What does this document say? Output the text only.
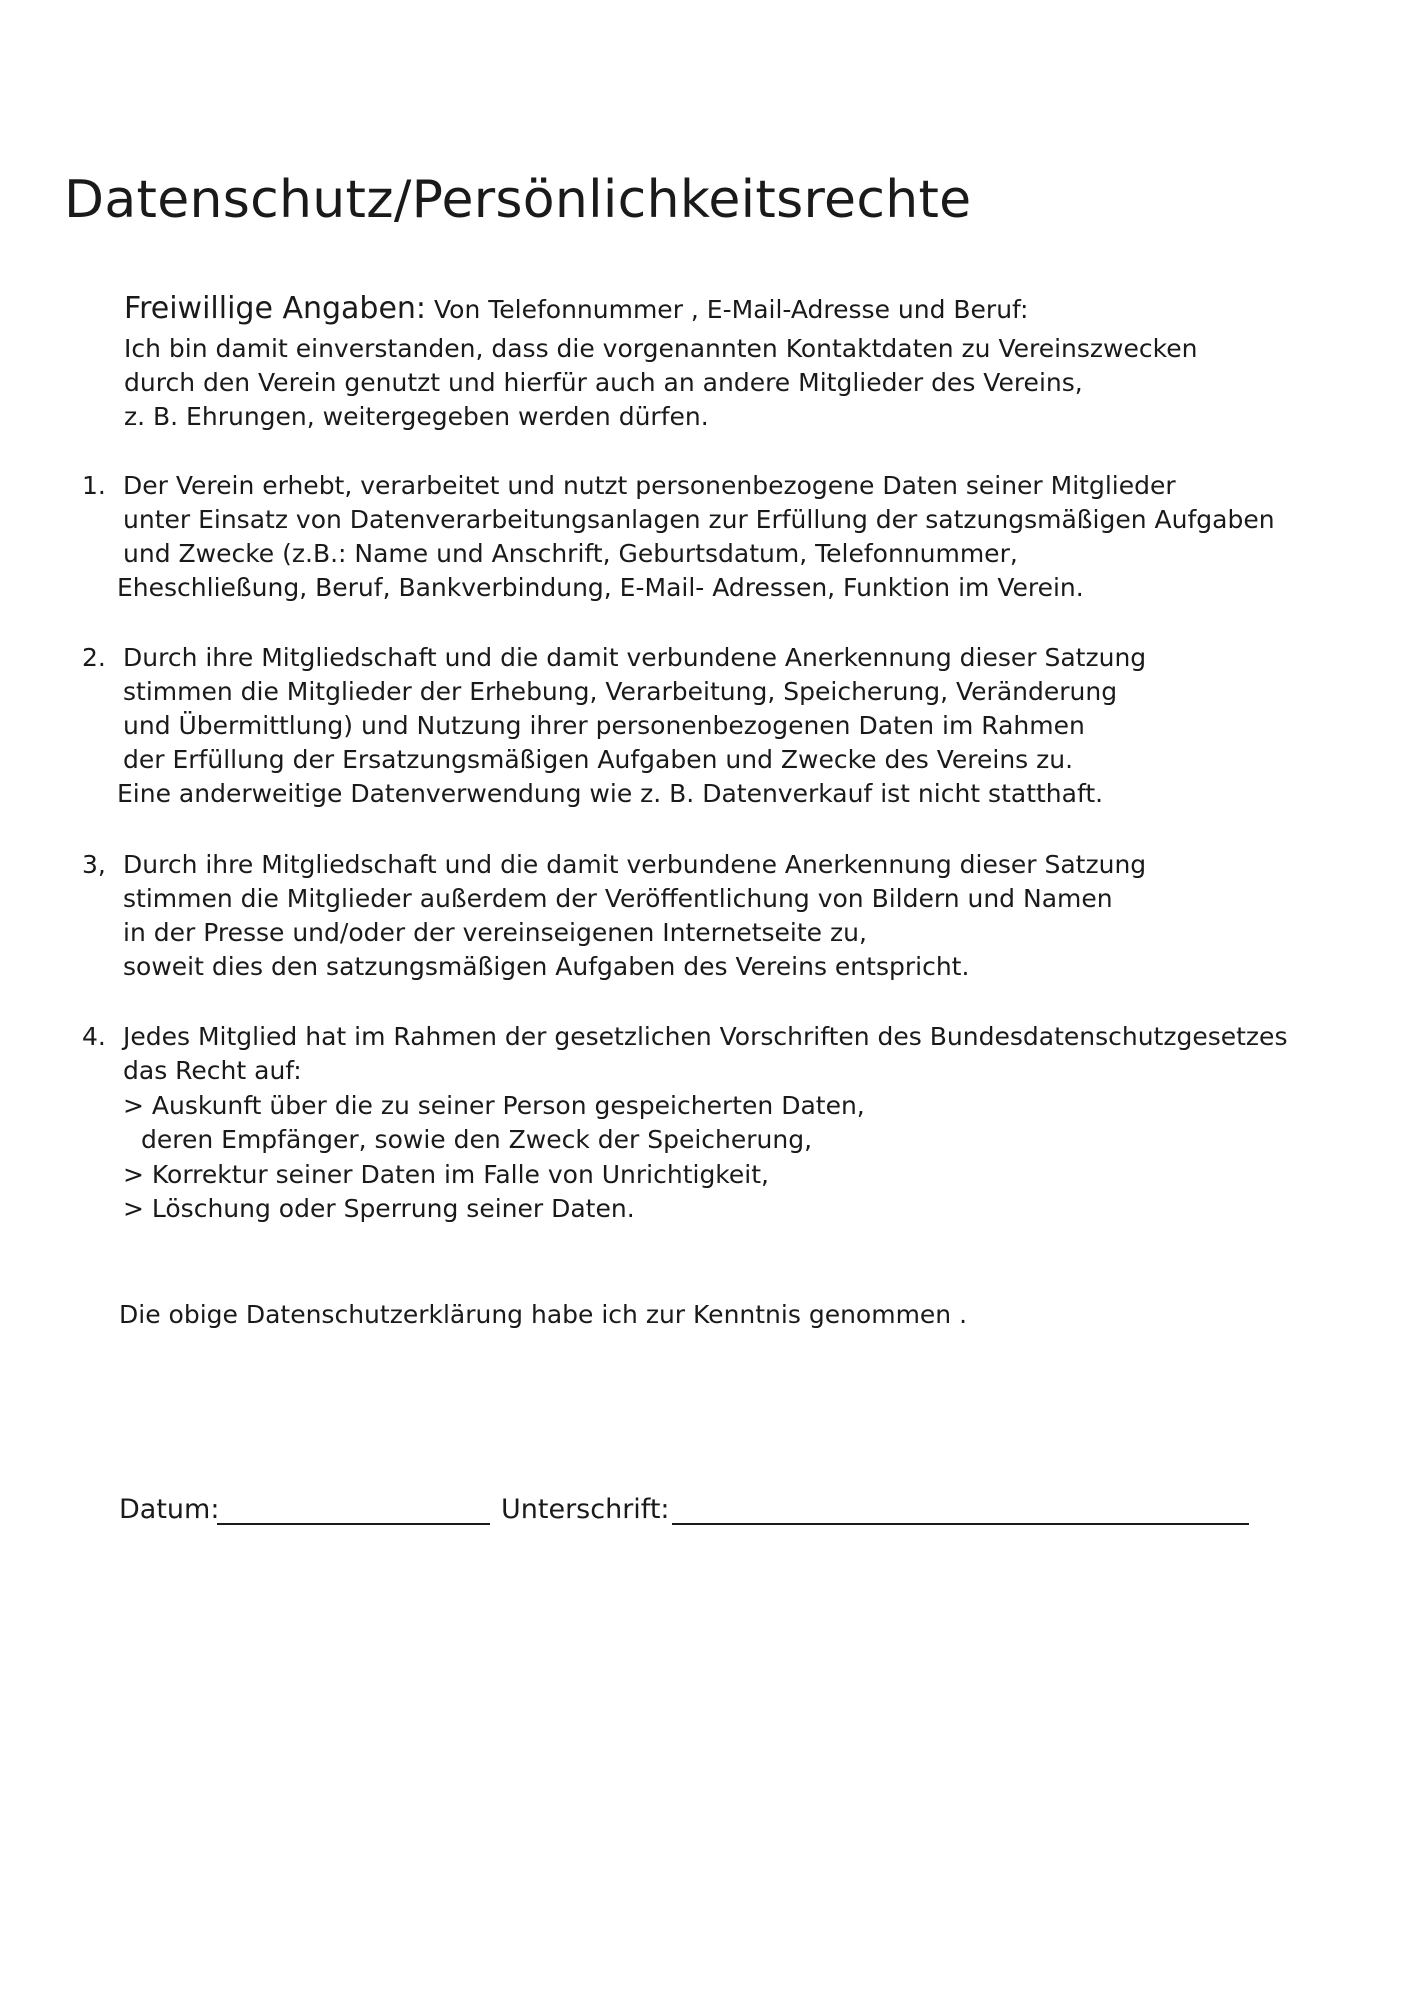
Datenschutz/Persönlichkeitsrechte

Freiwillige Angaben: Von Telefonnummer , E-Mail-Adresse und Beruf:

Ich bin damit einverstanden, dass die vorgenannten Kontaktdaten zu Vereinszwecken

durch den Verein genutzt und hierfür auch an andere Mitglieder des Vereins,

z. B. Ehrungen, weitergegeben werden dürfen.

1. Der Verein erhebt, verarbeitet und nutzt personenbezogene Daten seiner Mitglieder

unter Einsatz von Datenverarbeitungsanlagen zur Erfüllung der satzungsmäßigen Aufgaben

und Zwecke (z.B.: Name und Anschrift, Geburtsdatum, Telefonnummer,

Eheschließung, Beruf, Bankverbindung, E-Mail- Adressen, Funktion im Verein.

2. Durch ihre Mitgliedschaft und die damit verbundene Anerkennung dieser Satzung

stimmen die Mitglieder der Erhebung, Verarbeitung, Speicherung, Veränderung

und Übermittlung) und Nutzung ihrer personenbezogenen Daten im Rahmen

der Erfüllung der Ersatzungsmäßigen Aufgaben und Zwecke des Vereins zu.

Eine anderweitige Datenverwendung wie z. B. Datenverkauf ist nicht statthaft.

3, Durch ihre Mitgliedschaft und die damit verbundene Anerkennung dieser Satzung

stimmen die Mitglieder außerdem der Veröffentlichung von Bildern und Namen

in der Presse und/oder der vereinseigenen Internetseite zu,

soweit dies den satzungsmäßigen Aufgaben des Vereins entspricht.

4. Jedes Mitglied hat im Rahmen der gesetzlichen Vorschriften des Bundesdatenschutzgesetzes

das Recht auf:

> Auskunft über die zu seiner Person gespeicherten Daten,

deren Empfänger, sowie den Zweck der Speicherung,

> Korrektur seiner Daten im Falle von Unrichtigkeit,

> Löschung oder Sperrung seiner Daten.

Die obige Datenschutzerklärung habe ich zur Kenntnis genommen .

Datum:	Unterschrift:
